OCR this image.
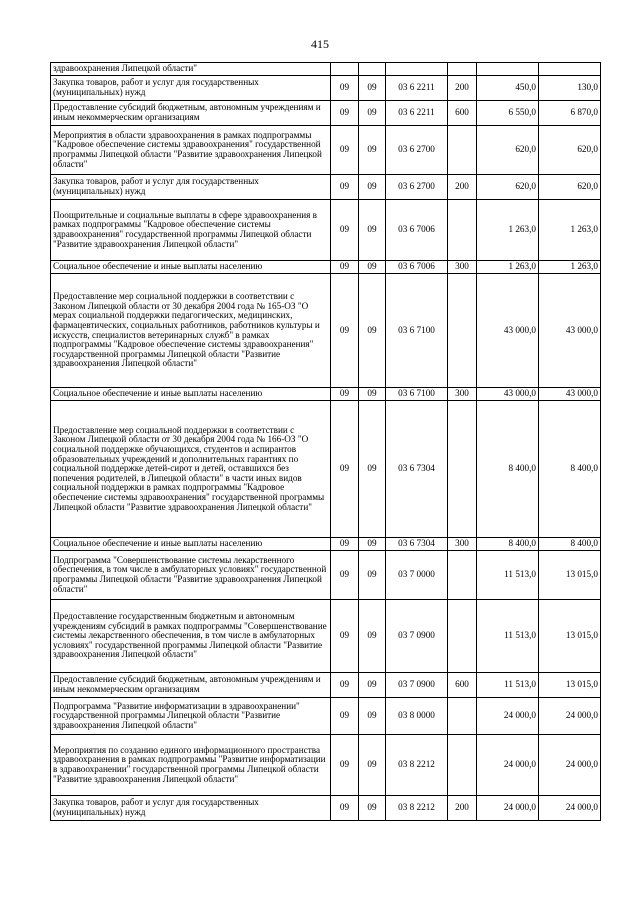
415
здравоохранения Липецкой области"						
Закупка товаров, работ и услуг для государственных (муниципальных) нужд	09	09	03 6 2211	200	450,0	130,0
Предоставление субсидий бюджетным, автономным учреждениям и иным некоммерческим организациям	09	09	03 6 2211	600	6 550,0	6 870,0
Мероприятия в области здравоохранения в рамках подпрограммы "Кадровое обеспечение системы здравоохранения" государственной программы Липецкой области "Развитие здравоохранения Липецкой области"	09	09	03 6 2700		620,0	620,0
Закупка товаров, работ и услуг для государственных (муниципальных) нужд	09	09	03 6 2700	200	620,0	620,0
Поощрительные и социальные выплаты в сфере здравоохранения в рамках подпрограммы "Кадровое обеспечение системы здравоохранения" государственной программы Липецкой области "Развитие здравоохранения Липецкой области"	09	09	03 6 7006		1 263,0	1 263,0
Социальное обеспечение и иные выплаты населению	09	09	03 6 7006	300	1 263,0	1 263,0
Предоставление мер социальной поддержки в соответствии с Законом Липецкой области от 30 декабря 2004 года № 165-ОЗ "О мерах социальной поддержки педагогических, медицинских, фармацевтических, социальных работников, работников культуры и искусств, специалистов ветеринарных служб" в рамках подпрограммы "Кадровое обеспечение системы здравоохранения" государственной программы Липецкой области "Развитие здравоохранения Липецкой области"	09	09	03 6 7100		43 000,0	43 000,0
Социальное обеспечение и иные выплаты населению	09	09	03 6 7100	300	43 000,0	43 000,0
Предоставление мер социальной поддержки в соответствии с Законом Липецкой области от 30 декабря 2004 года № 166-ОЗ "О социальной поддержке обучающихся, студентов и аспирантов образовательных учреждений и дополнительных гарантиях по социальной поддержке детей-сирот и детей, оставшихся без попечения родителей, в Липецкой области" в части иных видов социальной поддержки в рамках подпрограммы "Кадровое обеспечение системы здравоохранения" государственной программы Липецкой области "Развитие здравоохранения Липецкой области"	09	09	03 6 7304		8 400,0	8 400,0
Социальное обеспечение и иные выплаты населению	09	09	03 6 7304	300	8 400,0	8 400,0
Подпрограмма "Совершенствование системы лекарственного обеспечения, в том числе в амбулаторных условиях" государственной программы Липецкой области "Развитие здравоохранения Липецкой области"	09	09	03 7 0000		11 513,0	13 015,0
Предоставление государственным бюджетным и автономным учреждениям субсидий в рамках подпрограммы "Совершенствование системы лекарственного обеспечения, в том числе в амбулаторных условиях" государственной программы Липецкой области "Развитие здравоохранения Липецкой области"	09	09	03 7 0900		11 513,0	13 015,0
Предоставление субсидий бюджетным, автономным учреждениям и иным некоммерческим организациям	09	09	03 7 0900	600	11 513,0	13 015,0
Подпрограмма "Развитие информатизации в здравоохранении" государственной программы Липецкой области "Развитие здравоохранения Липецкой области"	09	09	03 8 0000		24 000,0	24 000,0
Мероприятия по созданию единого информационного пространства здравоохранения в рамках подпрограммы "Развитие информатизации в здравоохранении" государственной программы Липецкой области "Развитие здравоохранения Липецкой области"	09	09	03 8 2212		24 000,0	24 000,0
Закупка товаров, работ и услуг для государственных (муниципальных) нужд	09	09	03 8 2212	200	24 000,0	24 000,0
